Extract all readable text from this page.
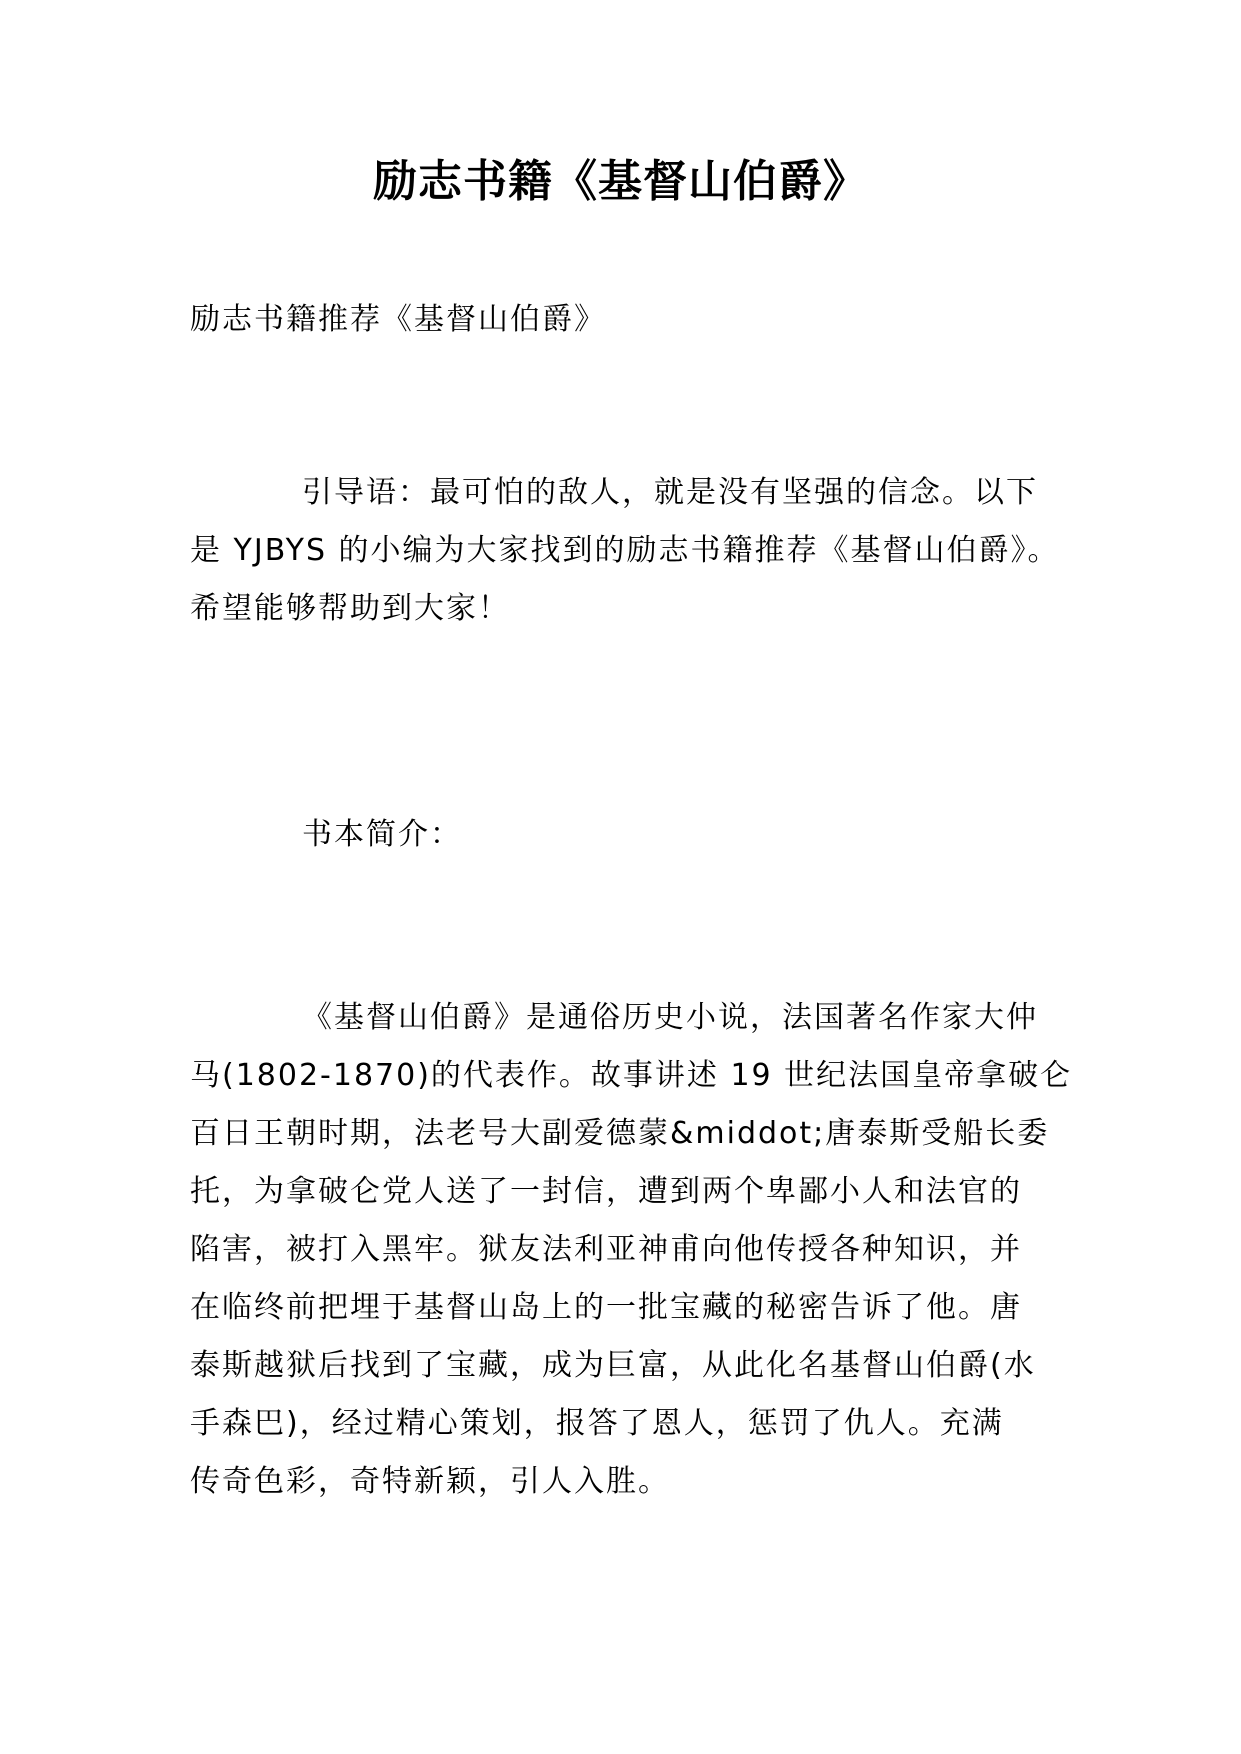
励志书籍《基督山伯爵》

励志书籍推荐《基督山伯爵》

引导语：最可怕的敌人，就是没有坚强的信念。以下
是 YJBYS 的小编为大家找到的励志书籍推荐《基督山伯爵》。
希望能够帮助到大家！

书本简介：

《基督山伯爵》是通俗历史小说，法国著名作家大仲
马(1802-1870)的代表作。故事讲述 19 世纪法国皇帝拿破仑
百日王朝时期，法老号大副爱德蒙&middot;唐泰斯受船长委
托，为拿破仑党人送了一封信，遭到两个卑鄙小人和法官的
陷害，被打入黑牢。狱友法利亚神甫向他传授各种知识，并
在临终前把埋于基督山岛上的一批宝藏的秘密告诉了他。唐
泰斯越狱后找到了宝藏，成为巨富，从此化名基督山伯爵(水
手森巴)，经过精心策划，报答了恩人，惩罚了仇人。充满
传奇色彩，奇特新颖，引人入胜。
